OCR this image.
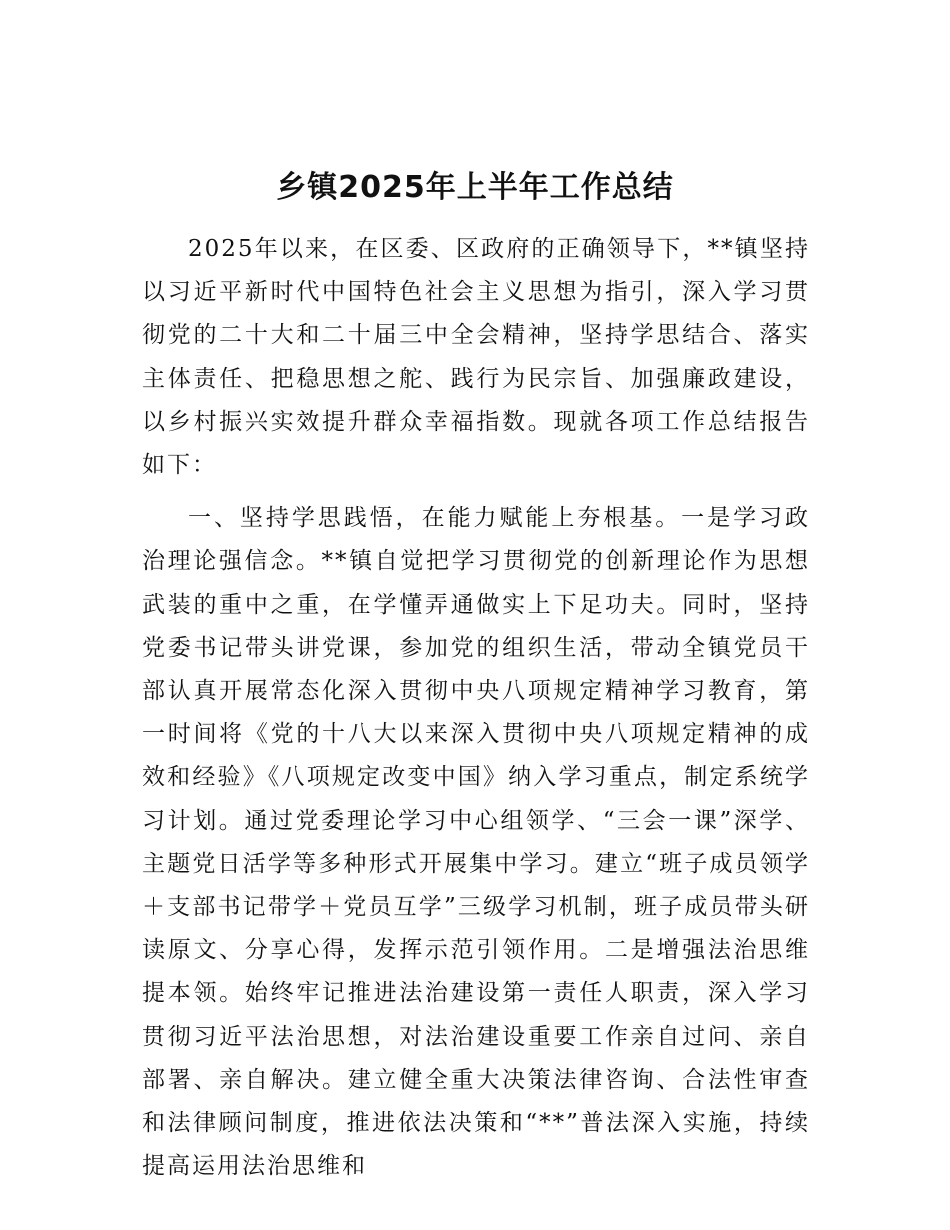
乡镇2025年上半年工作总结

2025年以来，在区委、区政府的正确领导下，**镇坚持以习近平新时代中国特色社会主义思想为指引，深入学习贯彻党的二十大和二十届三中全会精神，坚持学思结合、落实主体责任、把稳思想之舵、践行为民宗旨、加强廉政建设，以乡村振兴实效提升群众幸福指数。现就各项工作总结报告如下：

一、坚持学思践悟，在能力赋能上夯根基。一是学习政治理论强信念。**镇自觉把学习贯彻党的创新理论作为思想武装的重中之重，在学懂弄通做实上下足功夫。同时，坚持党委书记带头讲党课，参加党的组织生活，带动全镇党员干部认真开展常态化深入贯彻中央八项规定精神学习教育，第一时间将《党的十八大以来深入贯彻中央八项规定精神的成效和经验》《八项规定改变中国》纳入学习重点，制定系统学习计划。通过党委理论学习中心组领学、“三会一课”深学、主题党日活学等多种形式开展集中学习。建立“班子成员领学＋支部书记带学＋党员互学”三级学习机制，班子成员带头研读原文、分享心得，发挥示范引领作用。二是增强法治思维提本领。始终牢记推进法治建设第一责任人职责，深入学习贯彻习近平法治思想，对法治建设重要工作亲自过问、亲自部署、亲自解决。建立健全重大决策法律咨询、合法性审查和法律顾问制度，推进依法决策和“**”普法深入实施，持续提高运用法治思维和
